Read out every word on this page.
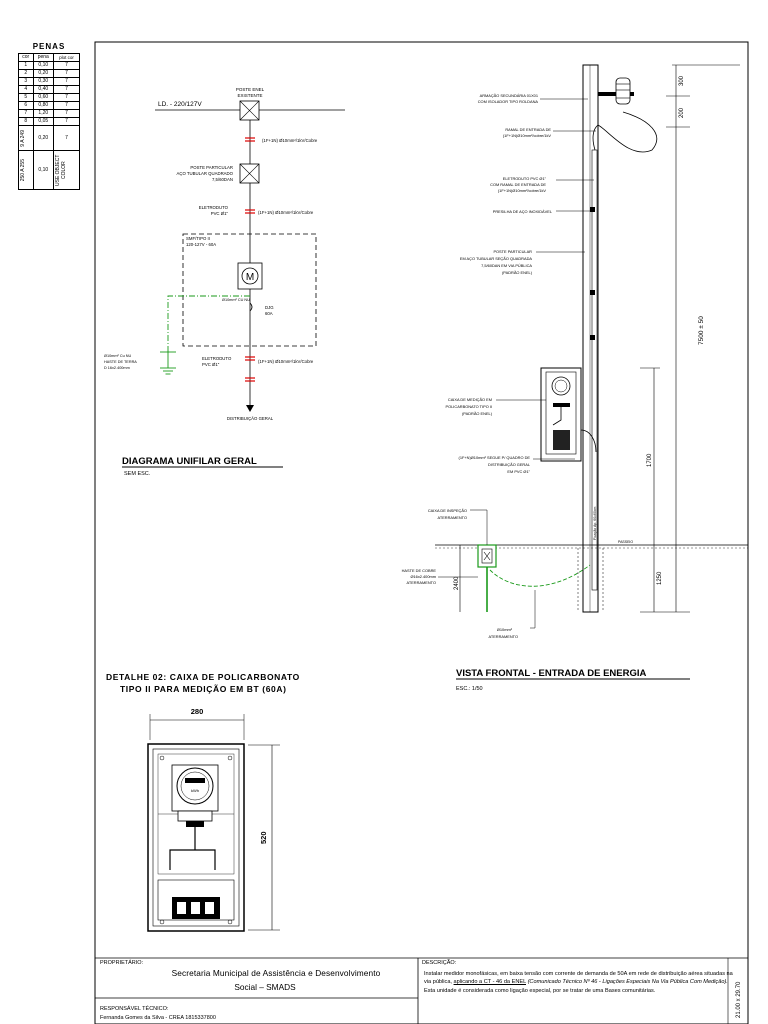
PENAS
cor	pena	plot cor
1	0,10	7
2	0,20	7
3	0,30	7
4	0,40	7
5	0,60	7
6	0,80	7
7	1,20	7
8	0,05	7

9 A 249	0,20	7

250 A 255	0,10	USE OBJECT COLOR
LD. - 220/127V
POSTE ENEL
EXISTENTE
(1F+1N) Ø10mm²/1kV/Cobre
POSTE PARTICULAR
AÇO TUBULAR QUADRADO
7,5/60DAN
ELETRODUTO
PVC Ø1"	(1F+1N) Ø10mm²/1kV/Cobre
SMF/TIPO II
120-127V - 60A
M
DJG
60A
Ø10mm² CU NU
Ø10mm² Cu NU
HASTE DE TERRA
D 16x2.400mm
ELETRODUTO
PVC Ø1"
(1F+1N) Ø10mm²/1kV/Cobre
DISTRIBUIÇÃO GERAL
DIAGRAMA UNIFILAR GERAL
SEM ESC.
Fixação Ap. 60x60cm
PASSEIO
ARMAÇÃO SECUNDÁRIA 01X01
COM ISOLADOR TIPO ROLDANA
RAMAL DE ENTRADA DE
(1F+1N)Ø10mm²/cobre/1kV
ELETRODUTO PVC Ø1"
COM RAMAL DE ENTRADA DE
(1F+1N)Ø10mm²/cobre/1kV
PRESILHA DE AÇO INOXIDÁVEL
POSTE PARTICULAR
EM AÇO TUBULAR SEÇÃO QUADRADA
7,5/60DAN EM VIA PÚBLICA
(PADRÃO ENEL)
CAIXA DE MEDIÇÃO EM
POLICARBONATO TIPO II
(PADRÃO ENEL)
(1F+N)Ø10mm² SEGUE P/ QUADRO DE
DISTRIBUIÇÃO GERAL
EM PVC Ø1"
CAIXA DE INSPEÇÃO
ATERRAMENTO
HASTE DE COBRE
Ø16x2.400mm
ATERRAMENTO
Ø10mm²
ATERRAMENTO
300
200
7500 ± 50
1700
1250
2400
VISTA FRONTAL - ENTRADA DE ENERGIA
ESC.: 1/50
DETALHE 02: CAIXA DE POLICARBONATO
TIPO II PARA MEDIÇÃO EM BT (60A)
280
520
kWh
PROPRIETÁRIO:
Secretaria Municipal de Assistência e Desenvolvimento
Social – SMADS
RESPONSÁVEL TÉCNICO:
Fernanda Gomes da Silva - CREA 1815337800
DESCRIÇÃO:
21.00 x 29.70
Instalar medidor monofásicas, em baixa tensão com corrente de demanda de 50A em rede de distribuição aérea situadas na via pública, aplicando a CT - 46 da ENEL (Comunicado Técnico Nº 46 - Ligações Especiais Na Via Pública Com Medição). Esta unidade é considerada como ligação especial, por se tratar de uma Bases comunitárias.
